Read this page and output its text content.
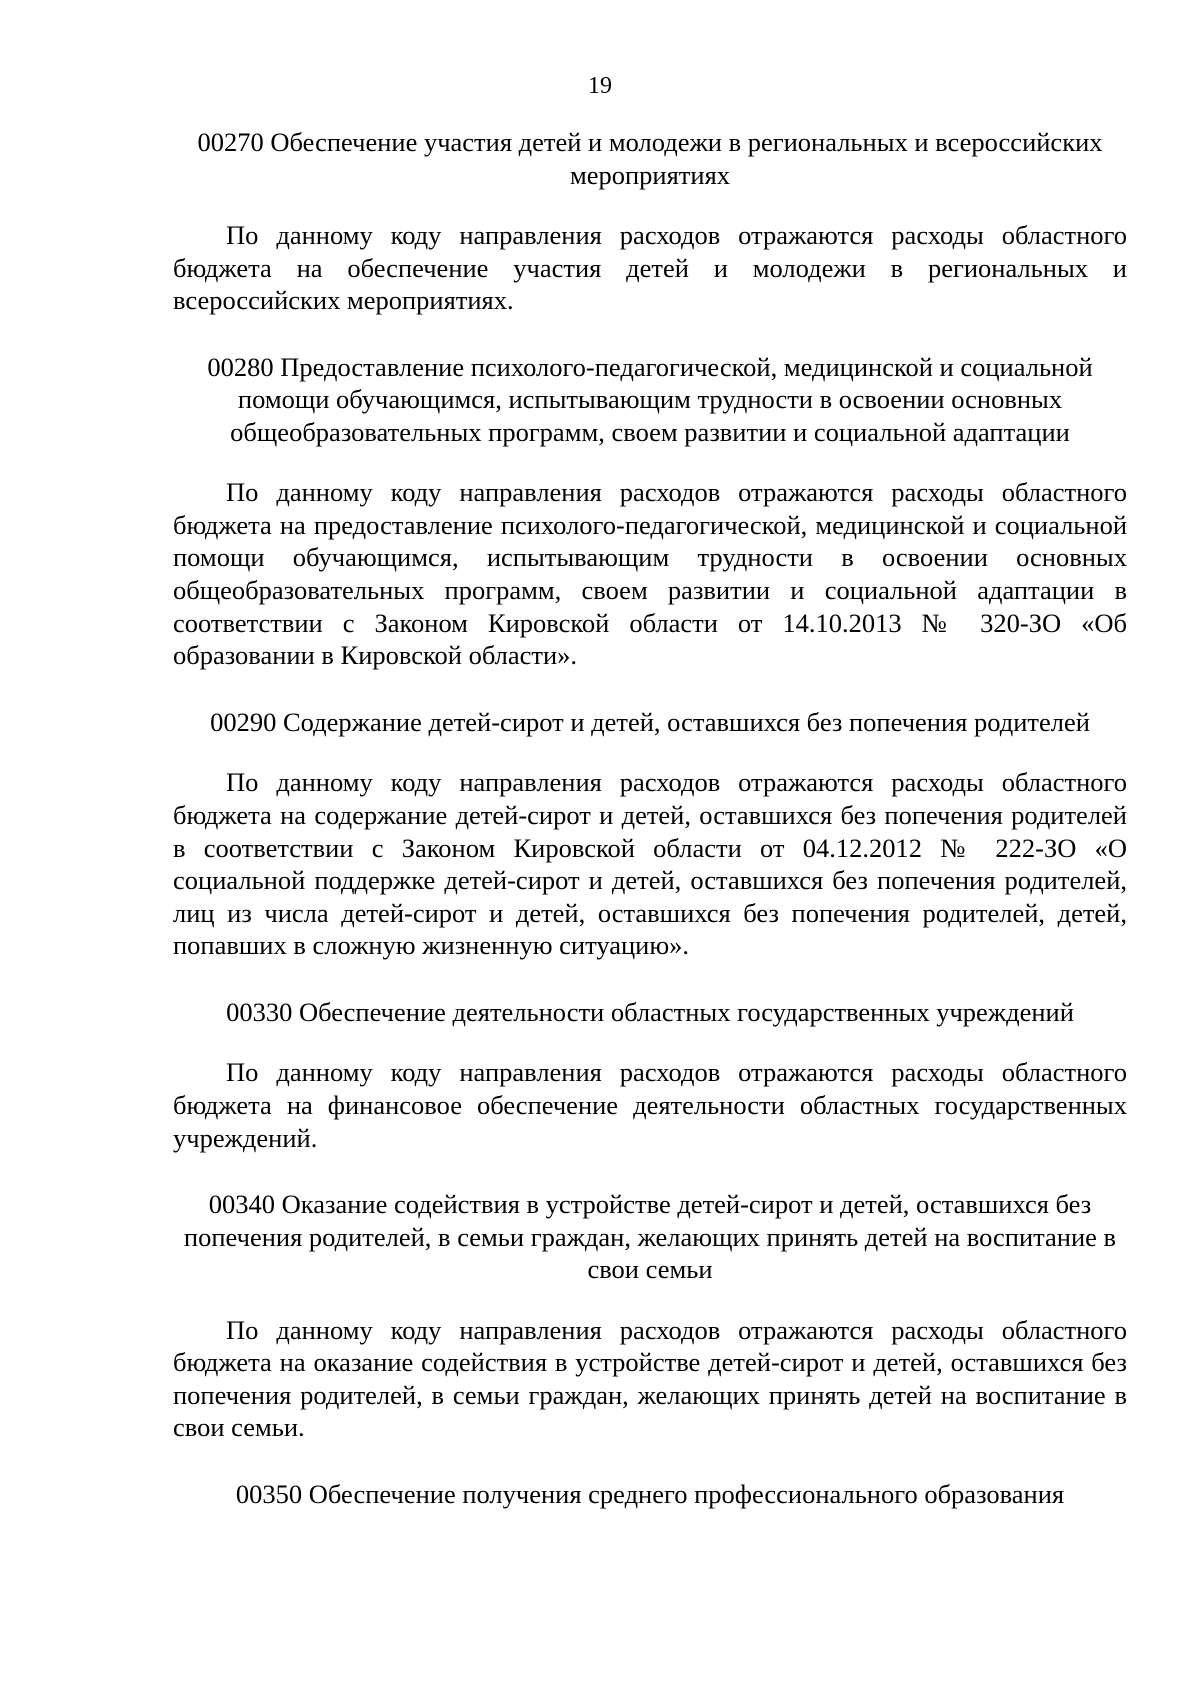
19

00270 Обеспечение участия детей и молодежи в региональных и всероссийских мероприятиях

По данному коду направления расходов отражаются расходы областного бюджета на обеспечение участия детей и молодежи в региональных и всероссийских мероприятиях.

00280 Предоставление психолого-педагогической, медицинской и социальной помощи обучающимся, испытывающим трудности в освоении основных общеобразовательных программ, своем развитии и социальной адаптации

По данному коду направления расходов отражаются расходы областного бюджета на предоставление психолого-педагогической, медицинской и социальной помощи обучающимся, испытывающим трудности в освоении основных общеобразовательных программ, своем развитии и социальной адаптации в соответствии с Законом Кировской области от 14.10.2013 № 320-ЗО «Об образовании в Кировской области».

00290 Содержание детей-сирот и детей, оставшихся без попечения родителей

По данному коду направления расходов отражаются расходы областного бюджета на содержание детей-сирот и детей, оставшихся без попечения родителей в соответствии с Законом Кировской области от 04.12.2012 № 222-ЗО «О социальной поддержке детей-сирот и детей, оставшихся без попечения родителей, лиц из числа детей-сирот и детей, оставшихся без попечения родителей, детей, попавших в сложную жизненную ситуацию».

00330 Обеспечение деятельности областных государственных учреждений

По данному коду направления расходов отражаются расходы областного бюджета на финансовое обеспечение деятельности областных государственных учреждений.

00340 Оказание содействия в устройстве детей-сирот и детей, оставшихся без попечения родителей, в семьи граждан, желающих принять детей на воспитание в свои семьи

По данному коду направления расходов отражаются расходы областного бюджета на оказание содействия в устройстве детей-сирот и детей, оставшихся без попечения родителей, в семьи граждан, желающих принять детей на воспитание в свои семьи.

00350 Обеспечение получения среднего профессионального образования
